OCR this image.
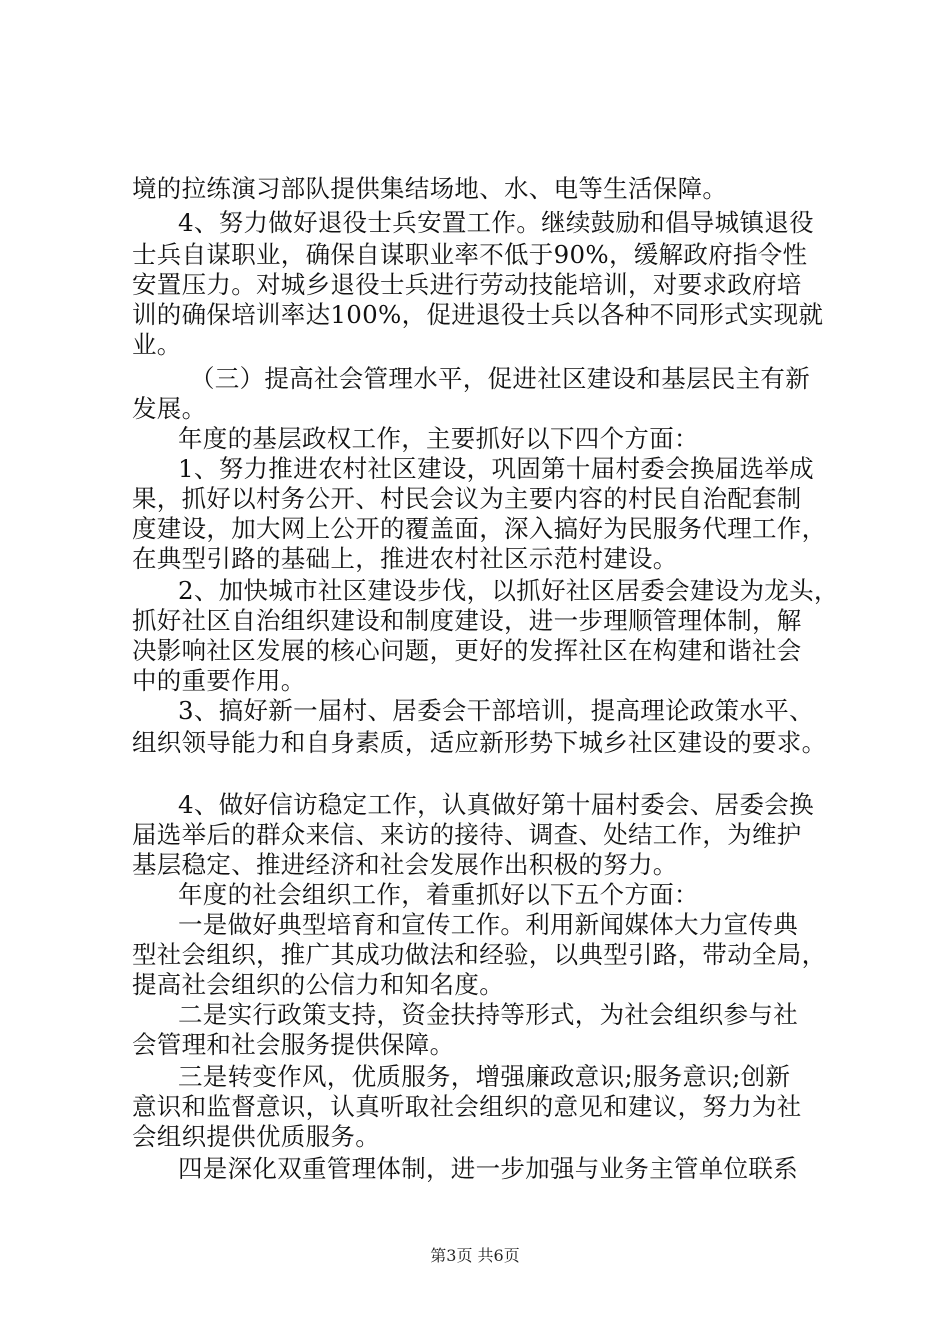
境的拉练演习部队提供集结场地、水、电等生活保障。
4、努力做好退役士兵安置工作。继续鼓励和倡导城镇退役
士兵自谋职业，确保自谋职业率不低于90%，缓解政府指令性
安置压力。对城乡退役士兵进行劳动技能培训，对要求政府培
训的确保培训率达100%，促进退役士兵以各种不同形式实现就
业。
（三）提高社会管理水平，促进社区建设和基层民主有新
发展。
年度的基层政权工作，主要抓好以下四个方面：
1、努力推进农村社区建设，巩固第十届村委会换届选举成
果，抓好以村务公开、村民会议为主要内容的村民自治配套制
度建设，加大网上公开的覆盖面，深入搞好为民服务代理工作，
在典型引路的基础上，推进农村社区示范村建设。
2、加快城市社区建设步伐，以抓好社区居委会建设为龙头，
抓好社区自治组织建设和制度建设，进一步理顺管理体制，解
决影响社区发展的核心问题，更好的发挥社区在构建和谐社会
中的重要作用。
3、搞好新一届村、居委会干部培训，提高理论政策水平、
组织领导能力和自身素质，适应新形势下城乡社区建设的要求。
4、做好信访稳定工作，认真做好第十届村委会、居委会换
届选举后的群众来信、来访的接待、调查、处结工作，为维护
基层稳定、推进经济和社会发展作出积极的努力。
年度的社会组织工作，着重抓好以下五个方面：
一是做好典型培育和宣传工作。利用新闻媒体大力宣传典
型社会组织，推广其成功做法和经验，以典型引路，带动全局，
提高社会组织的公信力和知名度。
二是实行政策支持，资金扶持等形式，为社会组织参与社
会管理和社会服务提供保障。
三是转变作风，优质服务，增强廉政意识;服务意识;创新
意识和监督意识，认真听取社会组织的意见和建议，努力为社
会组织提供优质服务。
四是深化双重管理体制，进一步加强与业务主管单位联系
第3页 共6页
